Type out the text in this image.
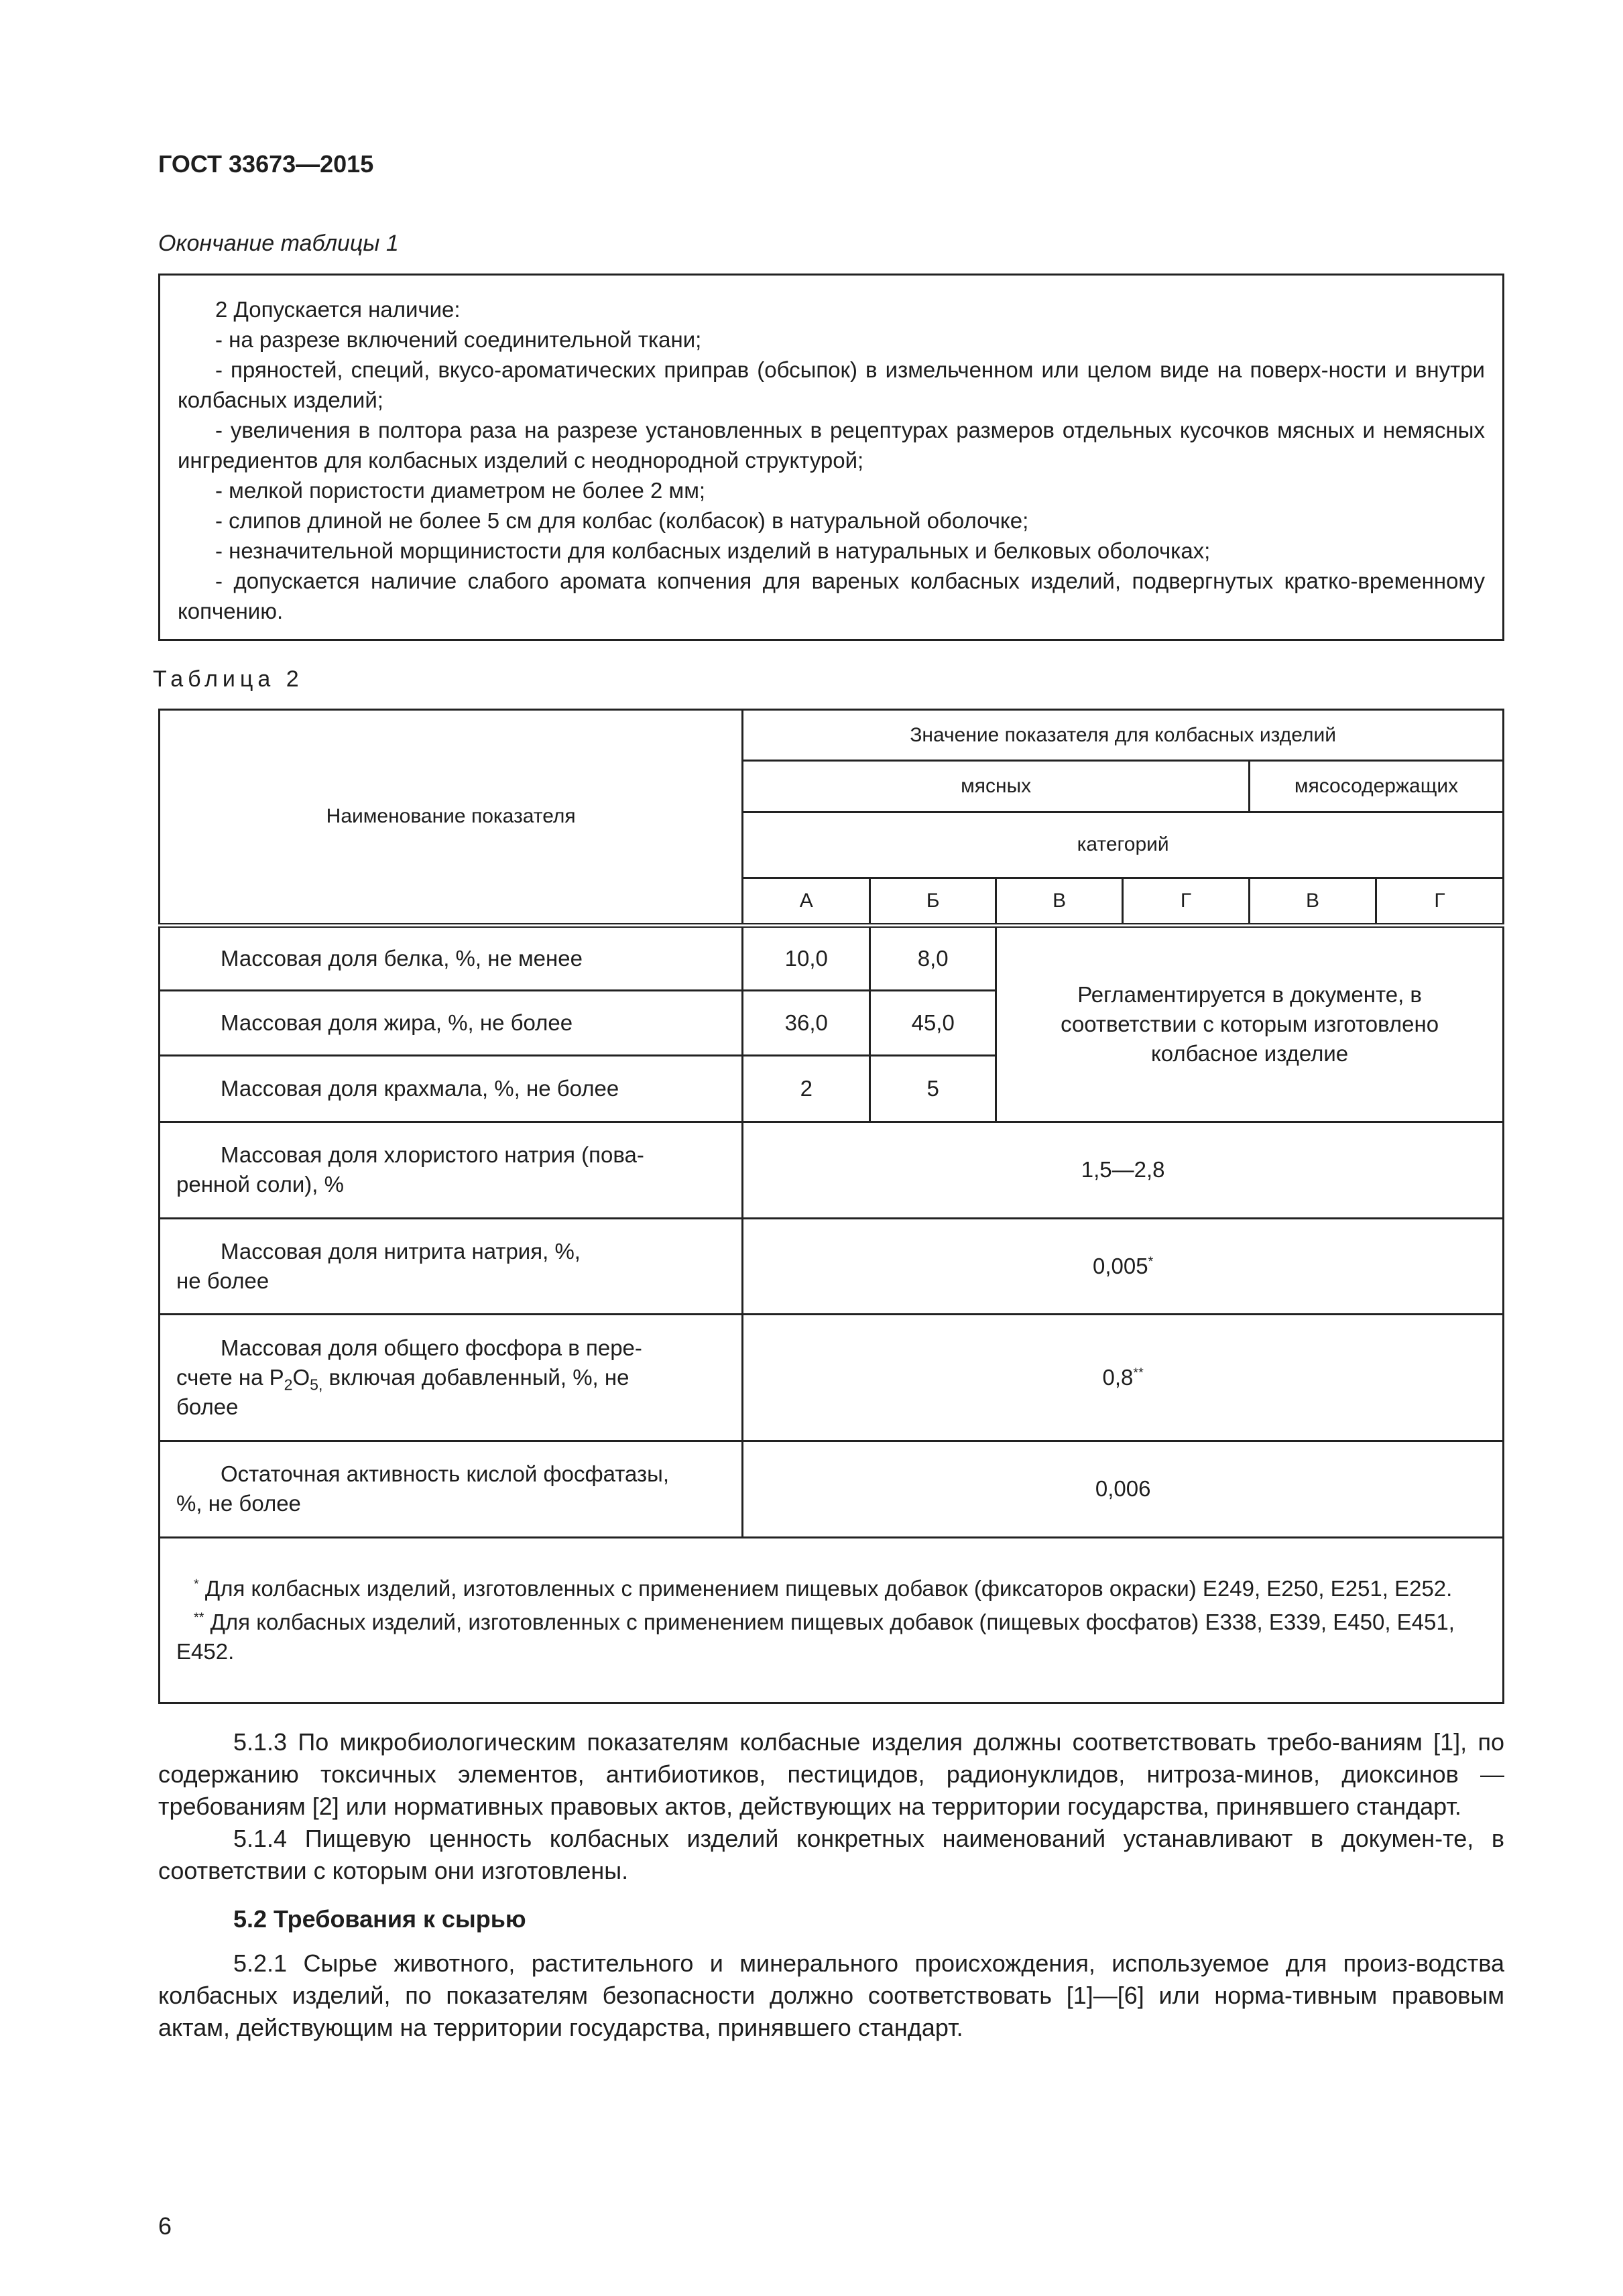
ГОСТ 33673—2015
Окончание таблицы 1

2 Допускается наличие:

- на разрезе включений соединительной ткани;

- пряностей, специй, вкусо-ароматических приправ (обсыпок) в измельченном или целом виде на поверх-ности и внутри колбасных изделий;

- увеличения в полтора раза на разрезе установленных в рецептурах размеров отдельных кусочков мясных и немясных ингредиентов для колбасных изделий с неоднородной структурой;

- мелкой пористости диаметром не более 2 мм;

- слипов длиной не более 5 см для колбас (колбасок) в натуральной оболочке;

- незначительной морщинистости для колбасных изделий в натуральных и белковых оболочках;

- допускается наличие слабого аромата копчения для вареных колбасных изделий, подвергнутых кратко-временному копчению.

Таблица 2
Наименование показателя	Значение показателя для колбасных изделий					
	мясных				мясосодержащих	
	категорий					
	А	Б	В	Г	В	Г
Массовая доля белка, %, не менее	10,0	8,0	Регламентируется в документе, в соответствии с которым изготовлено колбасное изделие			
Массовая доля жира, %, не более	36,0	45,0				
Массовая доля крахмала, %, не более	2	5				

Массовая доля хлористого натрия (пова-
ренной соли), %	1,5—2,8					

Массовая доля нитрита натрия, %,
не более	0,005*

Массовая доля общего фосфора в пере-
счете на $P_2O_{5,}$ включая добавленный, %, не
более	0,8**

Остаточная активность кислой фосфатазы,
%, не более	0,006					

* Для колбасных изделий, изготовленных с применением пищевых добавок (фиксаторов окраски) Е249, Е250, Е251, Е252.

** Для колбасных изделий, изготовленных с применением пищевых добавок (пищевых фосфатов) Е338, Е339, Е450, Е451, Е452.						

5.1.3 По микробиологическим показателям колбасные изделия должны соответствовать требо-ваниям [1], по содержанию токсичных элементов, антибиотиков, пестицидов, радионуклидов, нитроза-минов, диоксинов — требованиям [2] или нормативных правовых актов, действующих на территории государства, принявшего стандарт.

5.1.4 Пищевую ценность колбасных изделий конкретных наименований устанавливают в докумен-те, в соответствии с которым они изготовлены.

5.2 Требования к сырью

5.2.1 Сырье животного, растительного и минерального происхождения, используемое для произ-водства колбасных изделий, по показателям безопасности должно соответствовать [1]—[6] или норма-тивным правовым актам, действующим на территории государства, принявшего стандарт.

6
